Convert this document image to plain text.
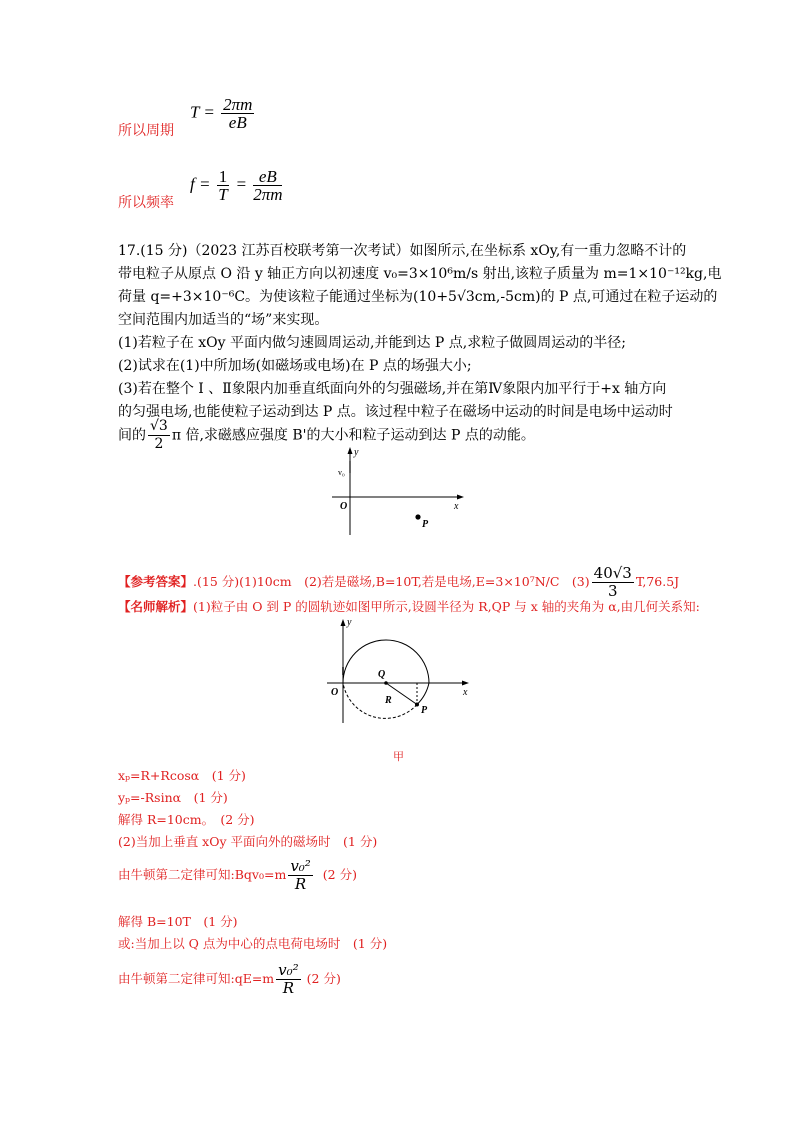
所以周期
$T = \frac{2\pi m}{eB}$
所以频率
$f = \frac{1}{T} = \frac{eB}{2\pi m}$
17.(15 分)（2023 江苏百校联考第一次考试）如图所示,在坐标系 xOy,有一重力忽略不计的
带电粒子从原点 O 沿 y 轴正方向以初速度 v₀=3×10⁶m/s 射出,该粒子质量为 m=1×10⁻¹²kg,电
荷量 q=+3×10⁻⁶C。为使该粒子能通过坐标为(10+5√3cm,-5cm)的 P 点,可通过在粒子运动的
空间范围内加适当的“场”来实现。
(1)若粒子在 xOy 平面内做匀速圆周运动,并能到达 P 点,求粒子做圆周运动的半径;
(2)试求在(1)中所加场(如磁场或电场)在 P 点的场强大小;
(3)若在整个 Ⅰ 、Ⅱ象限内加垂直纸面向外的匀强磁场,并在第Ⅳ象限内加平行于+x 轴方向
的匀强电场,也能使粒子运动到达 P 点。该过程中粒子在磁场中运动的时间是电场中运动时
间的 $\frac{√3}{2}$ π 倍,求磁感应强度 B'的大小和粒子运动到达 P 点的动能。
y
v₀
O	x
P
【参考答案】.(15 分)(1)10cm　(2)若是磁场,B=10T,若是电场,E=3×10⁷N/C　$(3) \frac{40√3}{3} T,76.5J$
【名师解析】(1)粒子由 O 到 P 的圆轨迹如图甲所示,设圆半径为 R,QP 与 x 轴的夹角为 α,由几何关系知:
y
O
Q
R
P
x
甲
xₚ=R+Rcosα　(1 分)
yₚ=-Rsinα　(1 分)
解得 R=10cm。　(2 分)
(2)当加上垂直 xOy 平面向外的磁场时　(1 分)
由牛顿第二定律可知:Bqv₀=m $\frac{\text{v₀²}}{R} (2$ 分)
解得 B=10T　(1 分)
或:当加上以 Q 点为中心的点电荷电场时　(1 分)
由牛顿第二定律可知:qE=m $\frac{\text{v₀²}}{R} (2$ 分)
